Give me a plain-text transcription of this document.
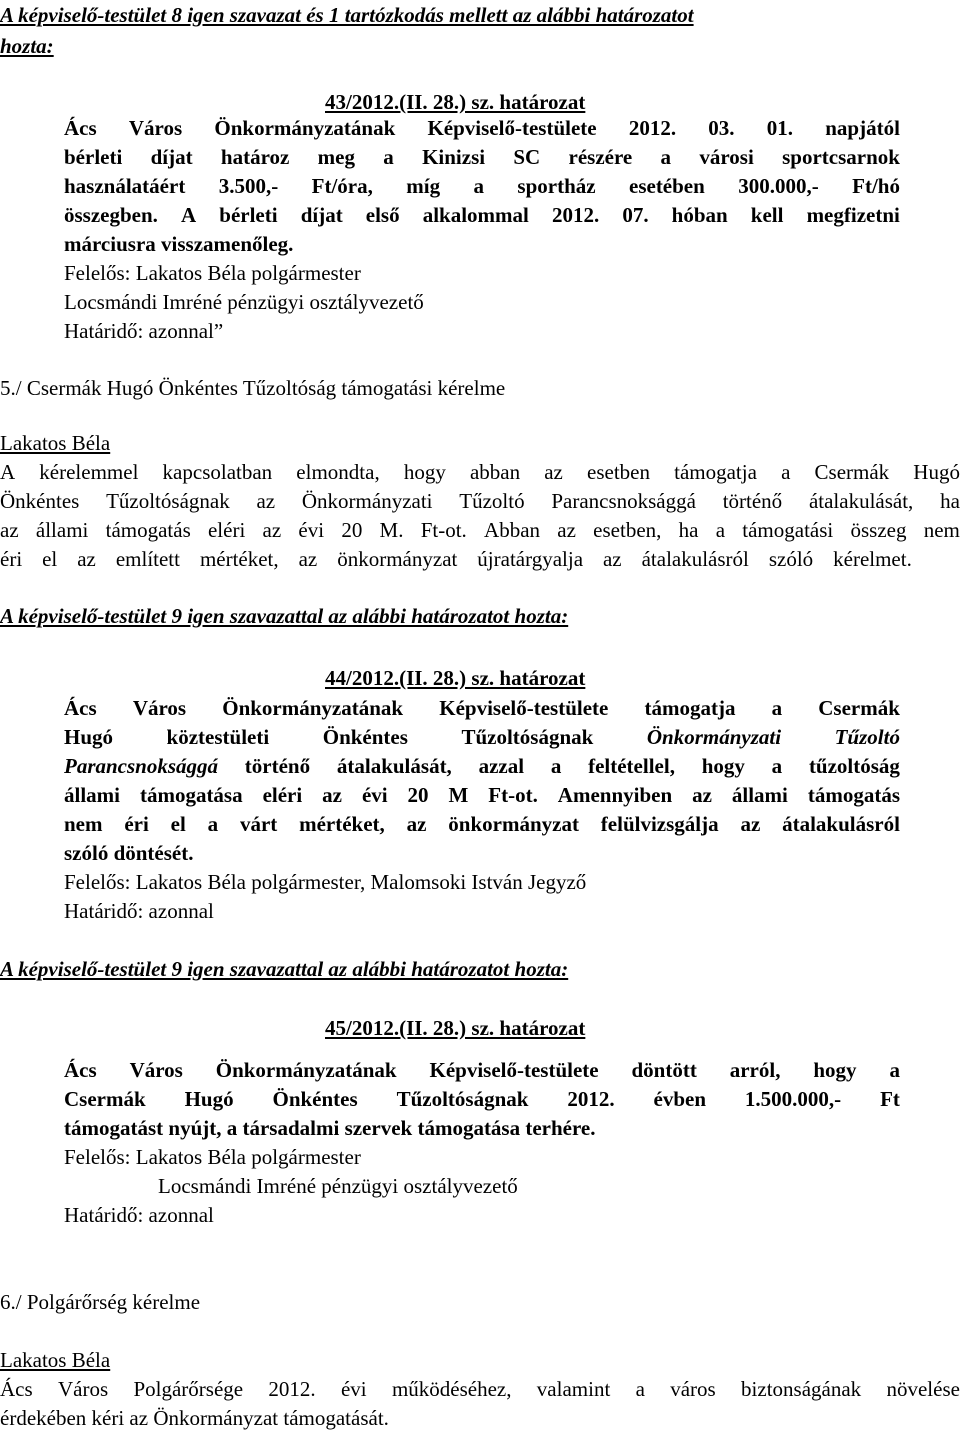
A képviselő-testület 8 igen szavazat és 1 tartózkodás mellett az alábbi határozatot
hozta:
43/2012.(II. 28.) sz. határozat
Ács Város Önkormányzatának Képviselő-testülete 2012. 03. 01. napjától
bérleti díjat határoz meg a Kinizsi SC részére a városi sportcsarnok
használatáért 3.500,- Ft/óra, míg a sportház esetében 300.000,- Ft/hó
összegben. A bérleti díjat első alkalommal 2012. 07. hóban kell megfizetni
márciusra visszamenőleg.
Felelős: Lakatos Béla polgármester
Locsmándi Imréné pénzügyi osztályvezető
Határidő: azonnal”
5./ Csermák Hugó Önkéntes Tűzoltóság támogatási kérelme
Lakatos Béla
A kérelemmel kapcsolatban elmondta, hogy abban az esetben támogatja a Csermák Hugó
Önkéntes Tűzoltóságnak az Önkormányzati Tűzoltó Parancsnoksággá történő átalakulását, ha
az állami támogatás eléri az évi 20 M. Ft-ot. Abban az esetben, ha a támogatási összeg nem
éri el az említett mértéket, az önkormányzat újratárgyalja az átalakulásról szóló kérelmet.
A képviselő-testület 9 igen szavazattal az alábbi határozatot hozta:
44/2012.(II. 28.) sz. határozat
Ács Város Önkormányzatának Képviselő-testülete támogatja a Csermák
Hugó	köztestületi	Önkéntes	Tűzoltóságnak	Önkormányzati	Tűzoltó
Parancsnoksággá történő átalakulását, azzal a feltétellel, hogy a tűzoltóság
állami támogatása eléri az évi 20 M Ft-ot. Amennyiben az állami támogatás
nem éri el a várt mértéket, az önkormányzat felülvizsgálja az átalakulásról
szóló döntését.
Felelős: Lakatos Béla polgármester, Malomsoki István Jegyző
Határidő: azonnal
A képviselő-testület 9 igen szavazattal az alábbi határozatot hozta:
45/2012.(II. 28.) sz. határozat
Ács Város Önkormányzatának Képviselő-testülete döntött arról, hogy a
Csermák Hugó Önkéntes Tűzoltóságnak 2012. évben 1.500.000,- Ft
támogatást nyújt, a társadalmi szervek támogatása terhére.
Felelős: Lakatos Béla polgármester
Locsmándi Imréné pénzügyi osztályvezető
Határidő: azonnal
6./ Polgárőrség kérelme
Lakatos Béla
Ács Város Polgárőrsége 2012. évi működéséhez, valamint a város biztonságának növelése
érdekében kéri az Önkormányzat támogatását.
